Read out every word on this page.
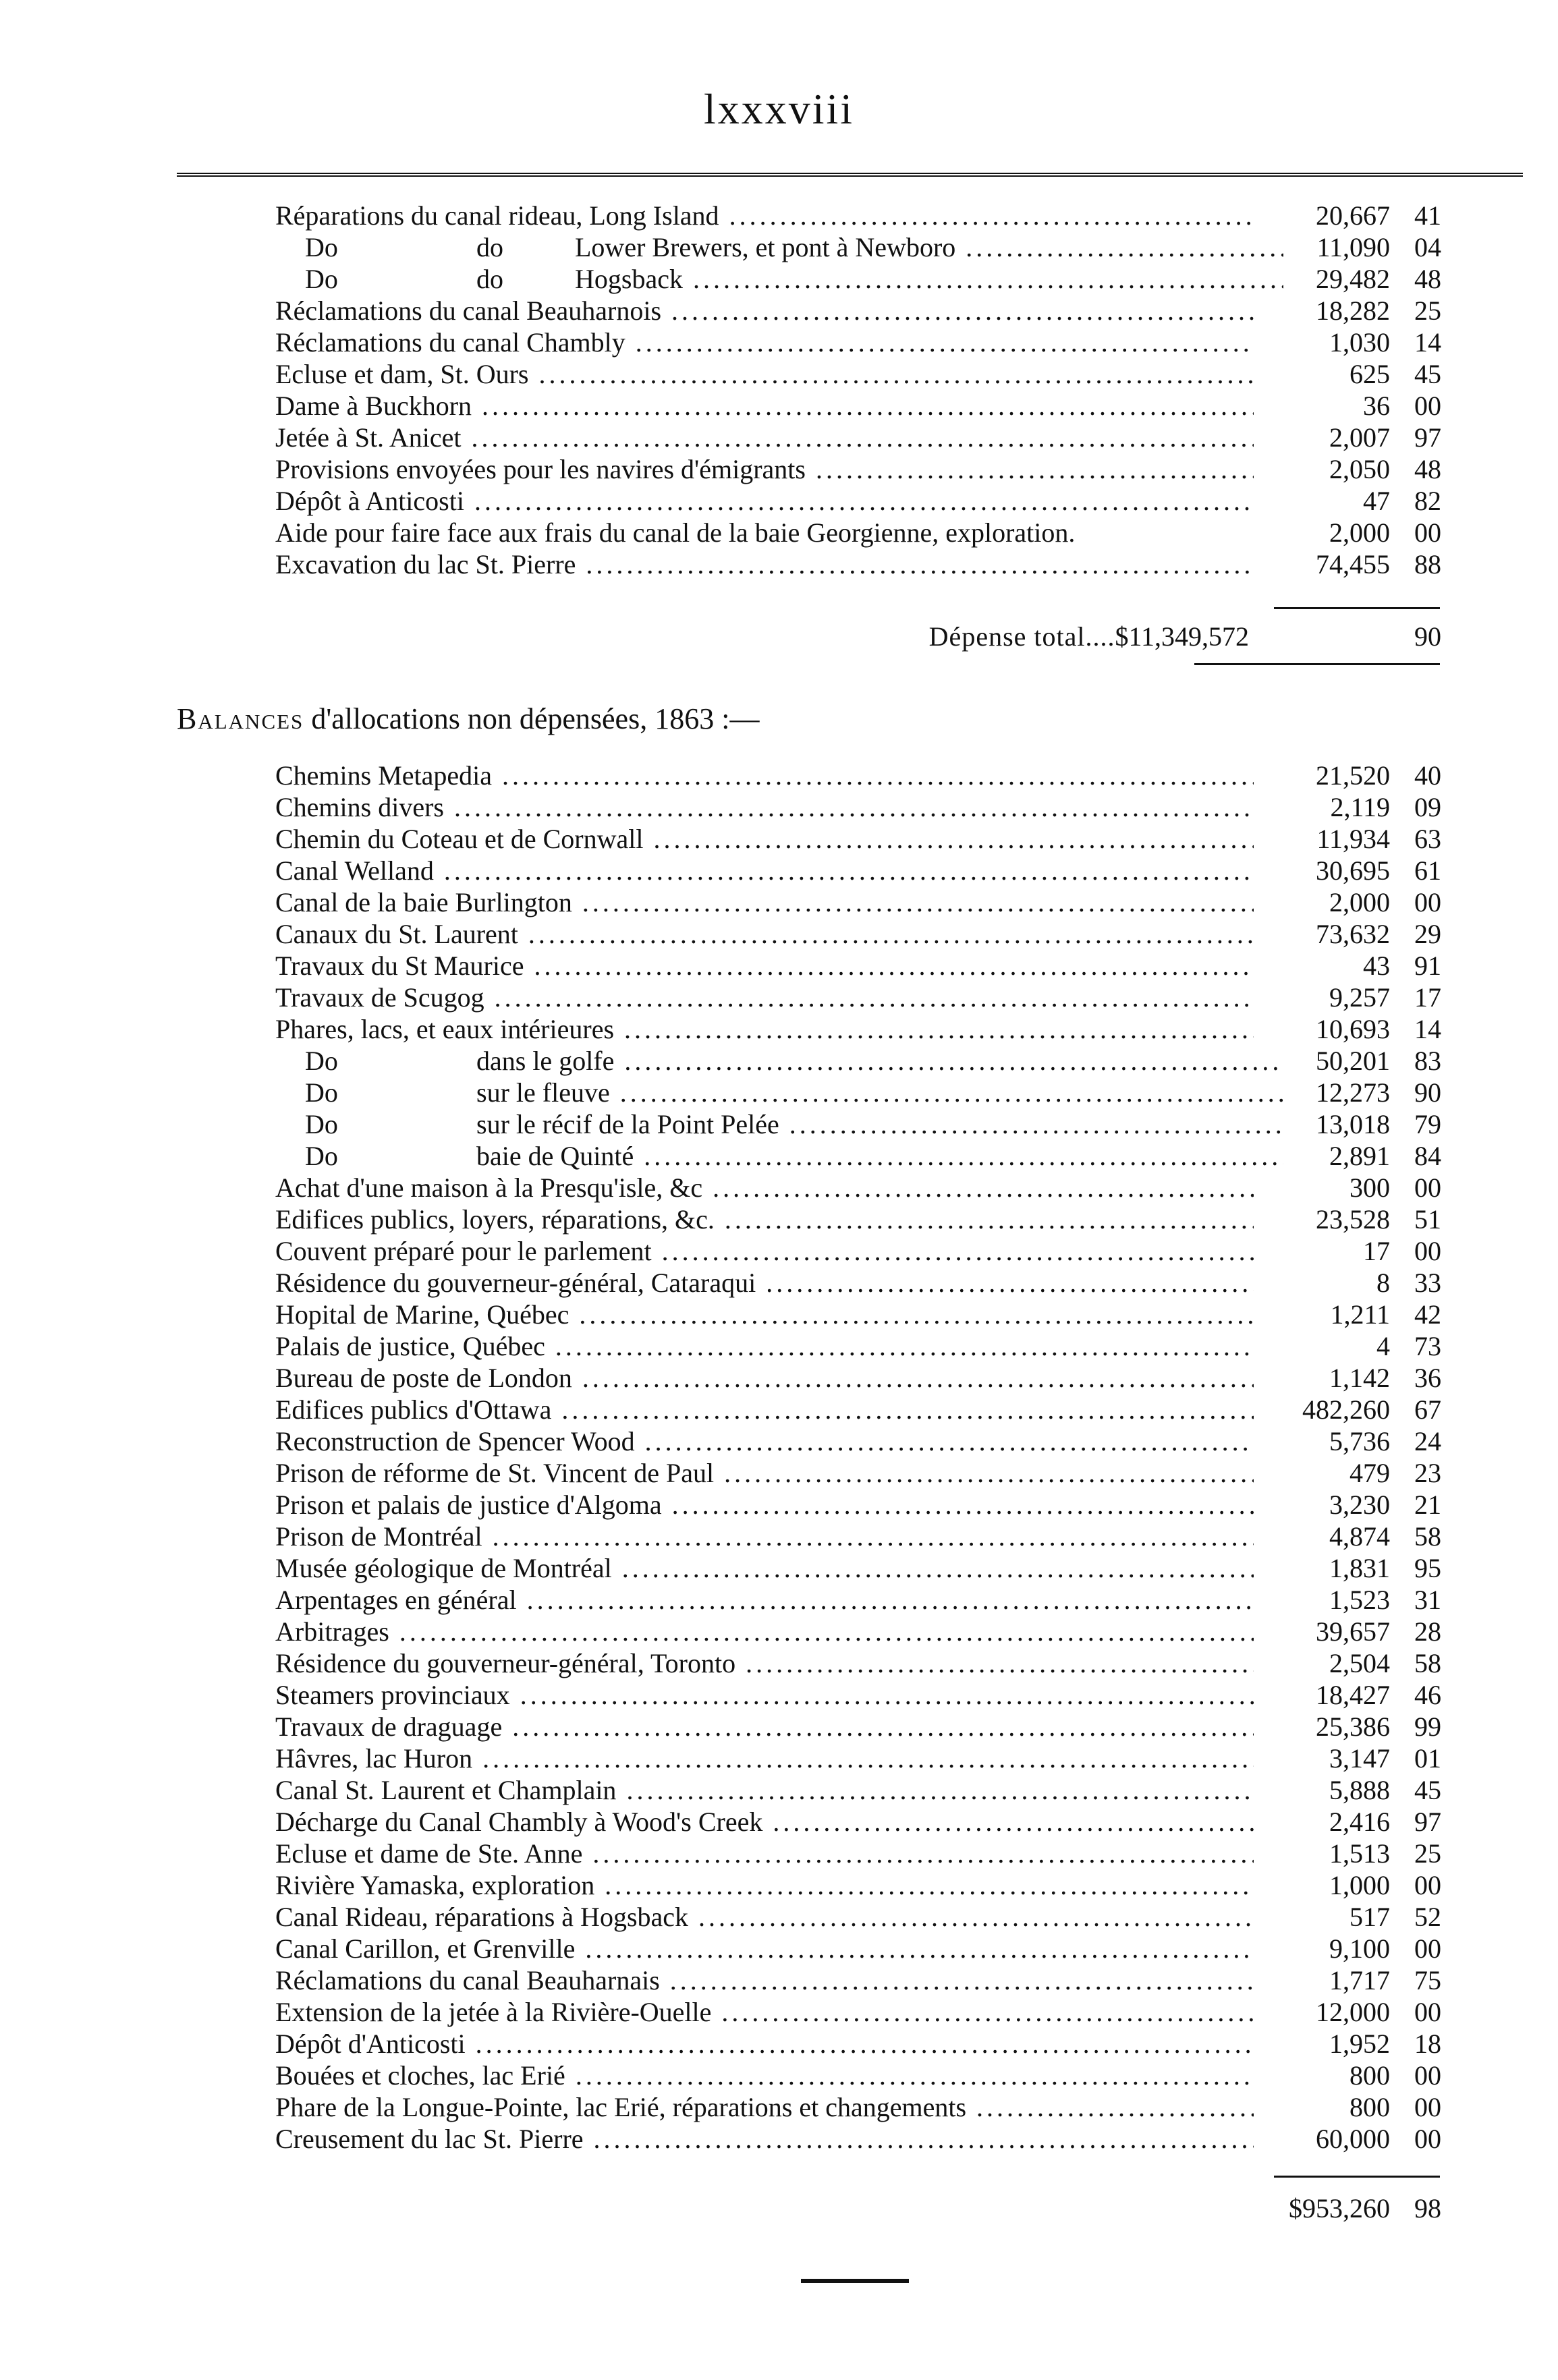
lxxxviii
Réparations du canal rideau, Long Island .....	20,667 41
Do	do	Lower Brewers, et pont à Newboro .....	11,090 04
Do	do	Hogsback .....	29,482 48
Réclamations du canal Beauharnois .....	18,282 25
Réclamations du canal Chambly .....	1,030 14
Ecluse et dam, St. Ours .....	625 45
Dame à Buckhorn .....	36 00
Jetée à St. Anicet .....	2,007 97
Provisions envoyées pour les navires d'émigrants .....	2,050 48
Dépôt à Anticosti .....	47 82
Aide pour faire face aux frais du canal de la baie Georgienne, exploration.	2,000 00
Excavation du lac St. Pierre .....	74,455 88
Dépense total....$11,349,572	90
Balances d'allocations non dépensées, 1863 :—
Chemins Metapedia .....	21,520 40
Chemins divers .....	2,119 09
Chemin du Coteau et de Cornwall .....	11,934 63
Canal Welland .....	30,695 61
Canal de la baie Burlington .....	2,000 00
Canaux du St. Laurent .....	73,632 29
Travaux du St Maurice .....	43 91
Travaux de Scugog .....	9,257 17
Phares, lacs, et eaux intérieures .....	10,693 14
Do	dans le golfe .....	50,201 83
Do	sur le fleuve .....	12,273 90
Do	sur le récif de la Point Pelée .....	13,018 79
Do	baie de Quinté .....	2,891 84
Achat d'une maison à la Presqu'isle, &c .....	300 00
Edifices publics, loyers, réparations, &c. .....	23,528 51
Couvent préparé pour le parlement .....	17 00
Résidence du gouverneur-général, Cataraqui .....	8 33
Hopital de Marine, Québec .....	1,211 42
Palais de justice, Québec .....	4 73
Bureau de poste de London .....	1,142 36
Edifices publics d'Ottawa .....	482,260 67
Reconstruction de Spencer Wood .....	5,736 24
Prison de réforme de St. Vincent de Paul .....	479 23
Prison et palais de justice d'Algoma .....	3,230 21
Prison de Montréal .....	4,874 58
Musée géologique de Montréal .....	1,831 95
Arpentages en général .....	1,523 31
Arbitrages .....	39,657 28
Résidence du gouverneur-général, Toronto .....	2,504 58
Steamers provinciaux .....	18,427 46
Travaux de draguage .....	25,386 99
Hâvres, lac Huron .....	3,147 01
Canal St. Laurent et Champlain .....	5,888 45
Décharge du Canal Chambly à Wood's Creek .....	2,416 97
Ecluse et dame de Ste. Anne .....	1,513 25
Rivière Yamaska, exploration .....	1,000 00
Canal Rideau, réparations à Hogsback .....	517 52
Canal Carillon, et Grenville .....	9,100 00
Réclamations du canal Beauharnais .....	1,717 75
Extension de la jetée à la Rivière-Ouelle .....	12,000 00
Dépôt d'Anticosti .....	1,952 18
Bouées et cloches, lac Erié .....	800 00
Phare de la Longue-Pointe, lac Erié, réparations et changements .....	800 00
Creusement du lac St. Pierre .....	60,000 00
$953,260 98
